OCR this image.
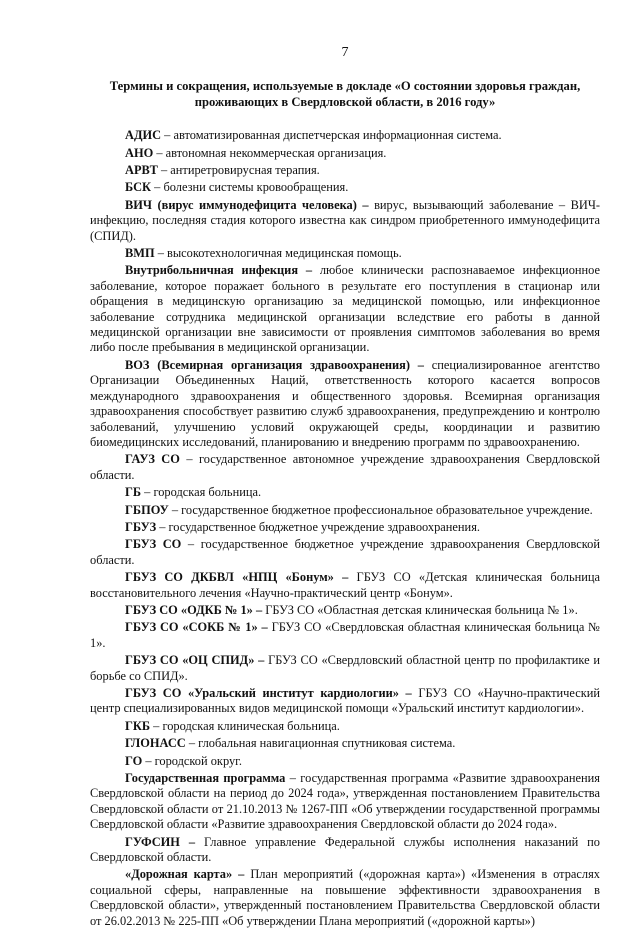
7
Термины и сокращения, используемые в докладе «О состоянии здоровья граждан,
проживающих в Свердловской области, в 2016 году»
АДИС – автоматизированная диспетчерская информационная система.
АНО – автономная некоммерческая организация.
АРВТ – антиретровирусная терапия.
БСК – болезни системы кровообращения.
ВИЧ (вирус иммунодефицита человека) – вирус, вызывающий заболевание – ВИЧ-инфекцию, последняя стадия которого известна как синдром приобретенного иммунодефицита (СПИД).
ВМП – высокотехнологичная медицинская помощь.
Внутрибольничная инфекция – любое клинически распознаваемое инфекционное заболевание, которое поражает больного в результате его поступления в стационар или обращения в медицинскую организацию за медицинской помощью, или инфекционное заболевание сотрудника медицинской организации вследствие его работы в данной медицинской организации вне зависимости от проявления симптомов заболевания во время либо после пребывания в медицинской организации.
ВОЗ (Всемирная организация здравоохранения) – специализированное агентство Организации Объединенных Наций, ответственность которого касается вопросов международного здравоохранения и общественного здоровья. Всемирная организация здравоохранения способствует развитию служб здравоохранения, предупреждению и контролю заболеваний, улучшению условий окружающей среды, координации и развитию биомедицинских исследований, планированию и внедрению программ по здравоохранению.
ГАУЗ СО – государственное автономное учреждение здравоохранения Свердловской области.
ГБ – городская больница.
ГБПОУ – государственное бюджетное профессиональное образовательное учреждение.
ГБУЗ – государственное бюджетное учреждение здравоохранения.
ГБУЗ СО – государственное бюджетное учреждение здравоохранения Свердловской области.
ГБУЗ СО ДКБВЛ «НПЦ «Бонум» – ГБУЗ СО «Детская клиническая больница восстановительного лечения «Научно-практический центр «Бонум».
ГБУЗ СО «ОДКБ № 1» – ГБУЗ СО «Областная детская клиническая больница № 1».
ГБУЗ СО «СОКБ № 1» – ГБУЗ СО «Свердловская областная клиническая больница № 1».
ГБУЗ СО «ОЦ СПИД» – ГБУЗ СО «Свердловский областной центр по профилактике и борьбе со СПИД».
ГБУЗ СО «Уральский институт кардиологии» – ГБУЗ СО «Научно-практический центр специализированных видов медицинской помощи «Уральский институт кардиологии».
ГКБ – городская клиническая больница.
ГЛОНАСС – глобальная навигационная спутниковая система.
ГО – городской округ.
Государственная программа – государственная программа «Развитие здравоохранения Свердловской области на период до 2024 года», утвержденная постановлением Правительства Свердловской области от 21.10.2013 № 1267-ПП «Об утверждении государственной программы Свердловской области «Развитие здравоохранения Свердловской области до 2024 года».
ГУФСИН – Главное управление Федеральной службы исполнения наказаний по Свердловской области.
«Дорожная карта» – План мероприятий («дорожная карта») «Изменения в отраслях социальной сферы, направленные на повышение эффективности здравоохранения в Свердловской области», утвержденный постановлением Правительства Свердловской области от 26.02.2013 № 225-ПП «Об утверждении Плана мероприятий («дорожной карты»)
